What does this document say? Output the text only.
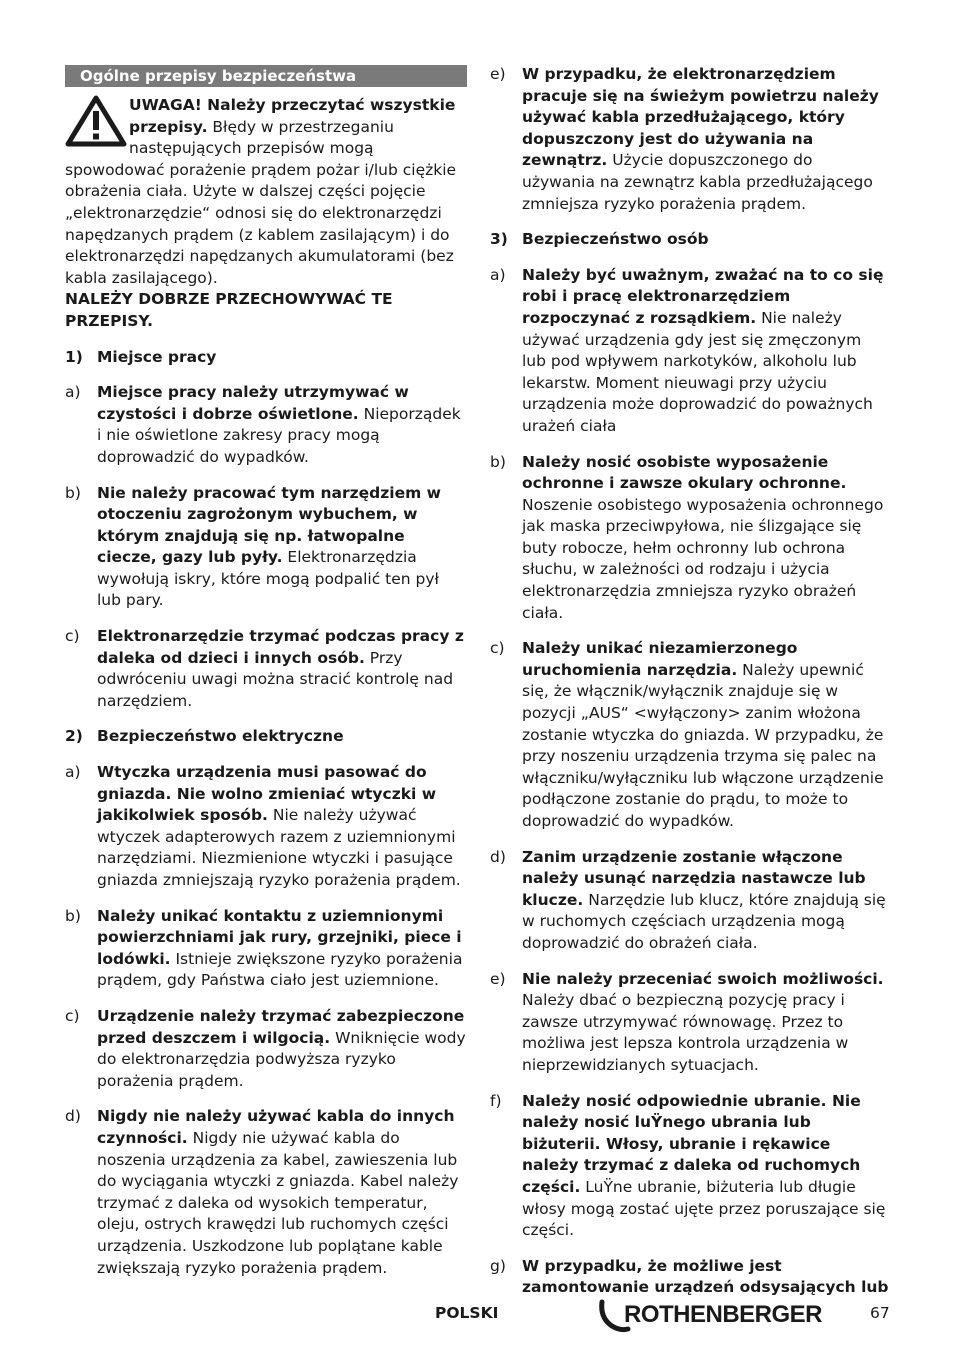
Ogólne przepisy bezpieczeństwa

UWAGA! Należy przeczytać wszystkie przepisy. Błędy w przestrzeganiu następujących przepisów mogą spowodować porażenie prądem pożar i/lub ciężkie obrażenia ciała. Użyte w dalszej części pojęcie „elektronarzędzie“ odnosi się do elektronarzędzi napędzanych prądem (z kablem zasilającym) i do elektronarzędzi napędzanych akumulatorami (bez kabla zasilającego).

NALEŻY DOBRZE PRZECHOWYWAĆ TE PRZEPISY.

1) Miejsce pracy
a)	Miejsce pracy należy utrzymywać w czystości i dobrze oświetlone. Nieporządek i nie oświetlone zakresy pracy mogą doprowadzić do wypadków.
b)	Nie należy pracować tym narzędziem w otoczeniu zagrożonym wybuchem, w którym znajdują się np. łatwopalne ciecze, gazy lub pyły. Elektronarzędzia wywołują iskry, które mogą podpalić ten pył lub pary.
c)	Elektronarzędzie trzymać podczas pracy z daleka od dzieci i innych osób. Przy odwróceniu uwagi można stracić kontrolę nad narzędziem.
2) Bezpieczeństwo elektryczne
a)	Wtyczka urządzenia musi pasować do gniazda. Nie wolno zmieniać wtyczki w jakikolwiek sposób. Nie należy używać wtyczek adapterowych razem z uziemnionymi narzędziami. Niezmienione wtyczki i pasujące gniazda zmniejszają ryzyko porażenia prądem.
b)	Należy unikać kontaktu z uziemnionymi powierzchniami jak rury, grzejniki, piece i lodówki. Istnieje zwiększone ryzyko porażenia prądem, gdy Państwa ciało jest uziemnione.
c)	Urządzenie należy trzymać zabezpieczone przed deszczem i wilgocią. Wniknięcie wody do elektronarzędzia podwyższa ryzyko porażenia prądem.
d)	Nigdy nie należy używać kabla do innych czynności. Nigdy nie używać kabla do noszenia urządzenia za kabel, zawieszenia lub do wyciągania wtyczki z gniazda. Kabel należy trzymać z daleka od wysokich temperatur, oleju, ostrych krawędzi lub ruchomych części urządzenia. Uszkodzone lub poplątane kable zwiększają ryzyko porażenia prądem.
e)	W przypadku, że elektronarzędziem pracuje się na świeżym powietrzu należy używać kabla przedłużającego, który dopuszczony jest do używania na zewnątrz. Użycie dopuszczonego do używania na zewnątrz kabla przedłużającego zmniejsza ryzyko porażenia prądem.
3) Bezpieczeństwo osób
a)	Należy być uważnym, zważać na to co się robi i pracę elektronarzędziem rozpoczynać z rozsądkiem. Nie należy używać urządzenia gdy jest się zmęczonym lub pod wpływem narkotyków, alkoholu lub lekarstw. Moment nieuwagi przy użyciu urządzenia może doprowadzić do poważnych urażeń ciała
b)	Należy nosić osobiste wyposażenie ochronne i zawsze okulary ochronne. Noszenie osobistego wyposażenia ochronnego jak maska przeciwpyłowa, nie ślizgające się buty robocze, hełm ochronny lub ochrona słuchu, w zależności od rodzaju i użycia elektronarzędzia zmniejsza ryzyko obrażeń ciała.
c)	Należy unikać niezamierzonego uruchomienia narzędzia. Należy upewnić się, że włącznik/wyłącznik znajduje się w pozycji „AUS“ <wyłączony> zanim włożona zostanie wtyczka do gniazda. W przypadku, że przy noszeniu urządzenia trzyma się palec na włączniku/wyłączniku lub włączone urządzenie podłączone zostanie do prądu, to może to doprowadzić do wypadków.
d)	Zanim urządzenie zostanie włączone należy usunąć narzędzia nastawcze lub klucze. Narzędzie lub klucz, które znajdują się w ruchomych częściach urządzenia mogą doprowadzić do obrażeń ciała.
e)	Nie należy przeceniać swoich możliwości. Należy dbać o bezpieczną pozycję pracy i zawsze utrzymywać równowagę. Przez to możliwa jest lepsza kontrola urządzenia w nieprzewidzianych sytuacjach.
f)	Należy nosić odpowiednie ubranie. Nie należy nosić luŸnego ubrania lub biżuterii. Włosy, ubranie i rękawice należy trzymać z daleka od ruchomych części. LuŸne ubranie, biżuteria lub długie włosy mogą zostać ujęte przez poruszające się części.
g)	W przypadku, że możliwe jest zamontowanie urządzeń odsysających lub
POLSKI	ROTHENBERGER	67
